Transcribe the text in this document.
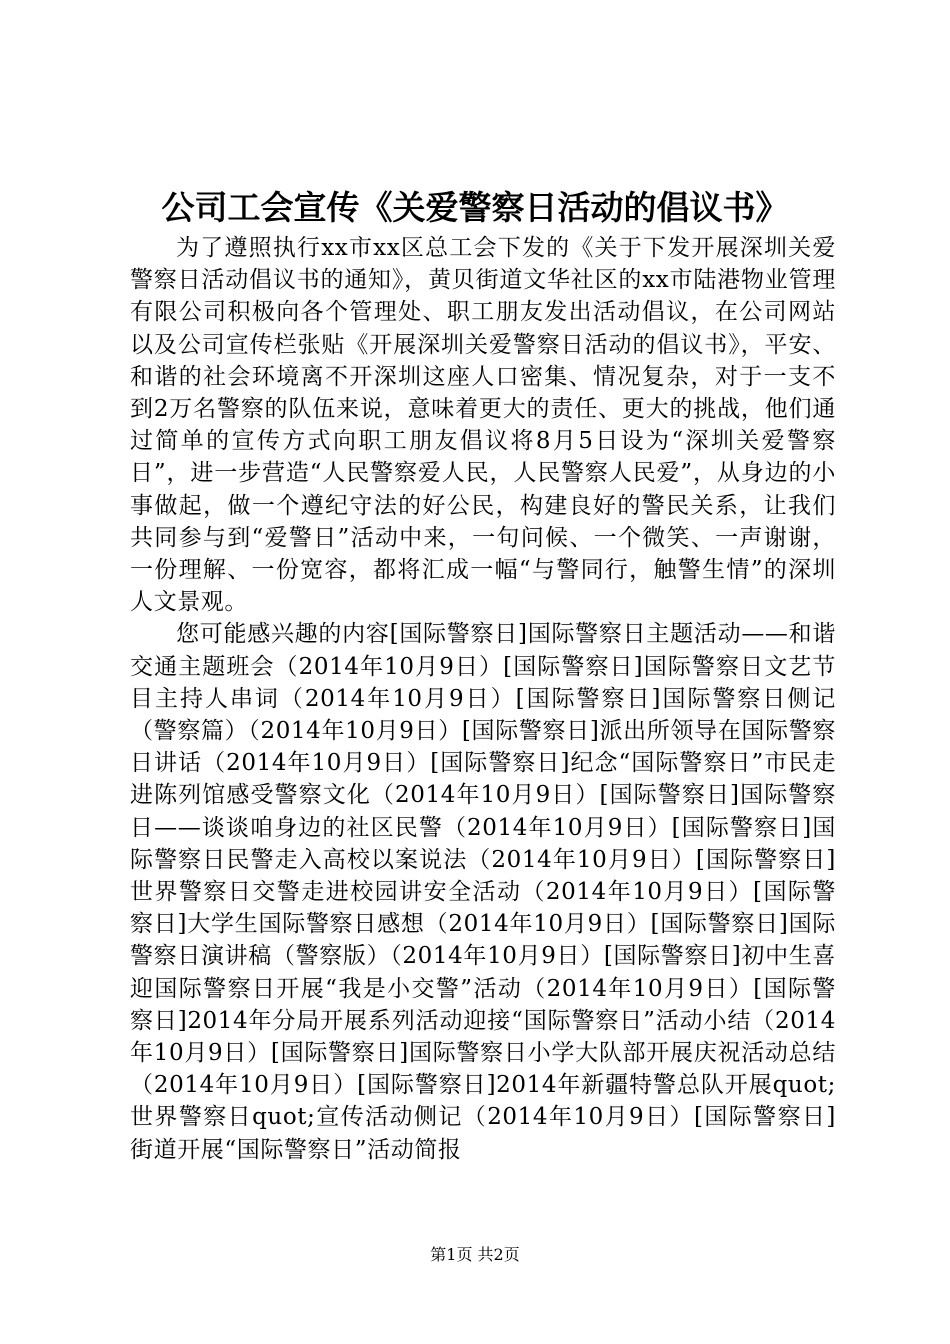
公司工会宣传《关爱警察日活动的倡议书》

为了遵照执行xx市xx区总工会下发的《关于下发开展深圳关爱警察日活动倡议书的通知》，黄贝街道文华社区的xx市陆港物业管理有限公司积极向各个管理处、职工朋友发出活动倡议，在公司网站以及公司宣传栏张贴《开展深圳关爱警察日活动的倡议书》，平安、和谐的社会环境离不开深圳这座人口密集、情况复杂，对于一支不到2万名警察的队伍来说，意味着更大的责任、更大的挑战，他们通过简单的宣传方式向职工朋友倡议将8月5日设为“深圳关爱警察日”，进一步营造“人民警察爱人民，人民警察人民爱”，从身边的小事做起，做一个遵纪守法的好公民，构建良好的警民关系，让我们共同参与到“爱警日”活动中来，一句问候、一个微笑、一声谢谢，一份理解、一份宽容，都将汇成一幅“与警同行，触警生情”的深圳人文景观。

您可能感兴趣的内容[国际警察日]国际警察日主题活动——和谐交通主题班会（2014年10月9日）[国际警察日]国际警察日文艺节目主持人串词（2014年10月9日）[国际警察日]国际警察日侧记（警察篇）（2014年10月9日）[国际警察日]派出所领导在国际警察日讲话（2014年10月9日）[国际警察日]纪念“国际警察日”市民走进陈列馆感受警察文化（2014年10月9日）[国际警察日]国际警察日——谈谈咱身边的社区民警（2014年10月9日）[国际警察日]国际警察日民警走入高校以案说法（2014年10月9日）[国际警察日]世界警察日交警走进校园讲安全活动（2014年10月9日）[国际警察日]大学生国际警察日感想（2014年10月9日）[国际警察日]国际警察日演讲稿（警察版）（2014年10月9日）[国际警察日]初中生喜迎国际警察日开展“我是小交警”活动（2014年10月9日）[国际警察日]2014年分局开展系列活动迎接“国际警察日”活动小结（2014年10月9日）[国际警察日]国际警察日小学大队部开展庆祝活动总结（2014年10月9日）[国际警察日]2014年新疆特警总队开展quot;世界警察日quot;宣传活动侧记（2014年10月9日）[国际警察日]街道开展“国际警察日”活动简报

第1页 共2页
